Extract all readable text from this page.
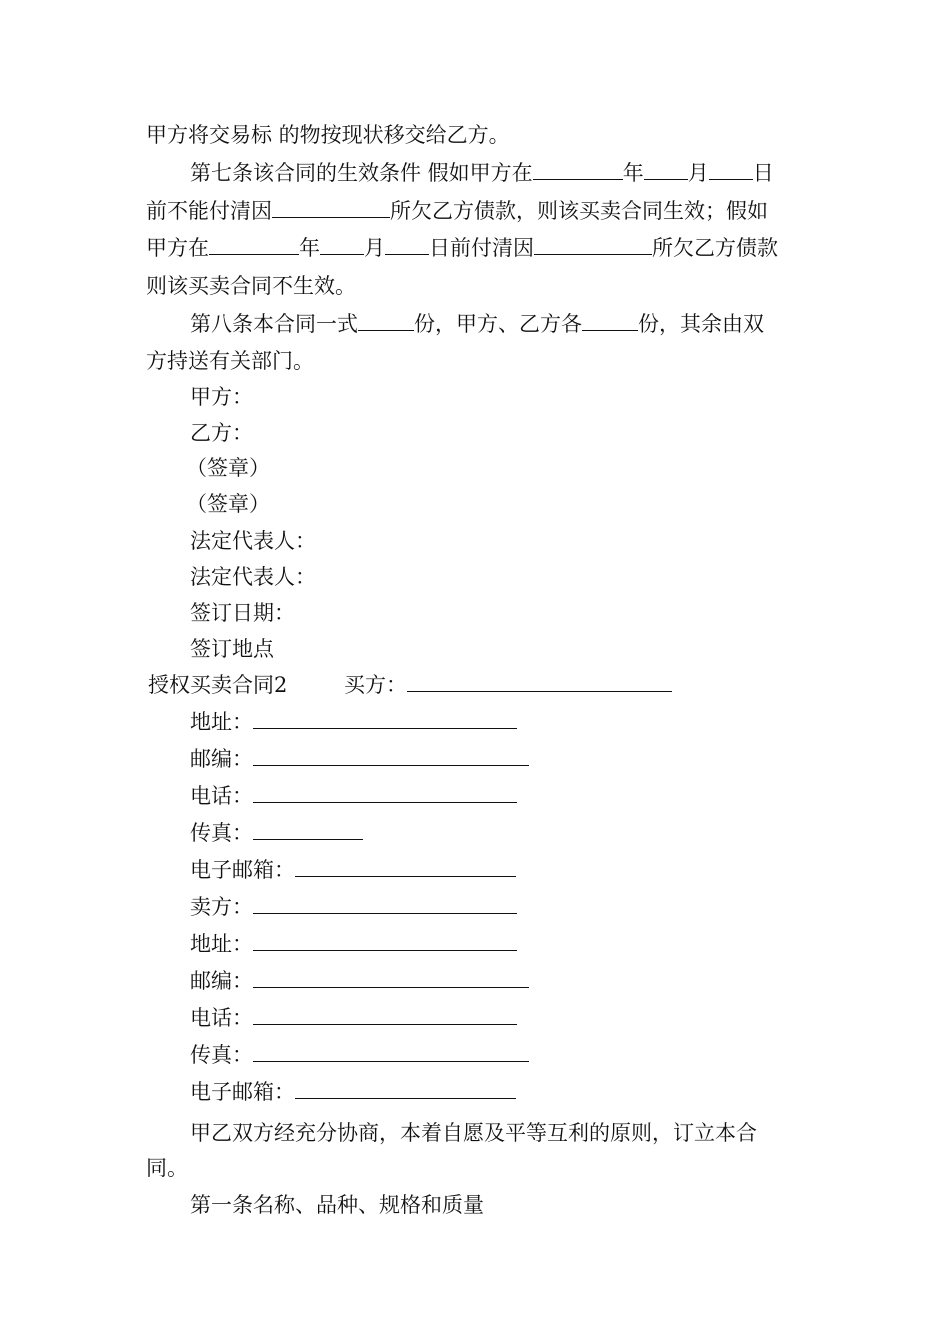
甲方将交易标 的物按现状移交给乙方。
第七条该合同的生效条件 假如甲方在	年 月 日
前不能付清因	所欠乙方债款，则该买卖合同生效；假如
甲方在	年 月 日前付清因	所欠乙方债款
则该买卖合同不生效。
第八条本合同一式	份，甲方、乙方各	份，其余由双
方持送有关部门。
甲方：
乙方：
（签章）
（签章）
法定代表人：
法定代表人：
签订日期：
签订地点
授权买卖合同2	买方：
地址：
邮编：
电话：
传真：
电子邮箱：
卖方：
地址：
邮编：
电话：
传真：
电子邮箱：
甲乙双方经充分协商，本着自愿及平等互利的原则，订立本合
同。
第一条名称、品种、规格和质量
